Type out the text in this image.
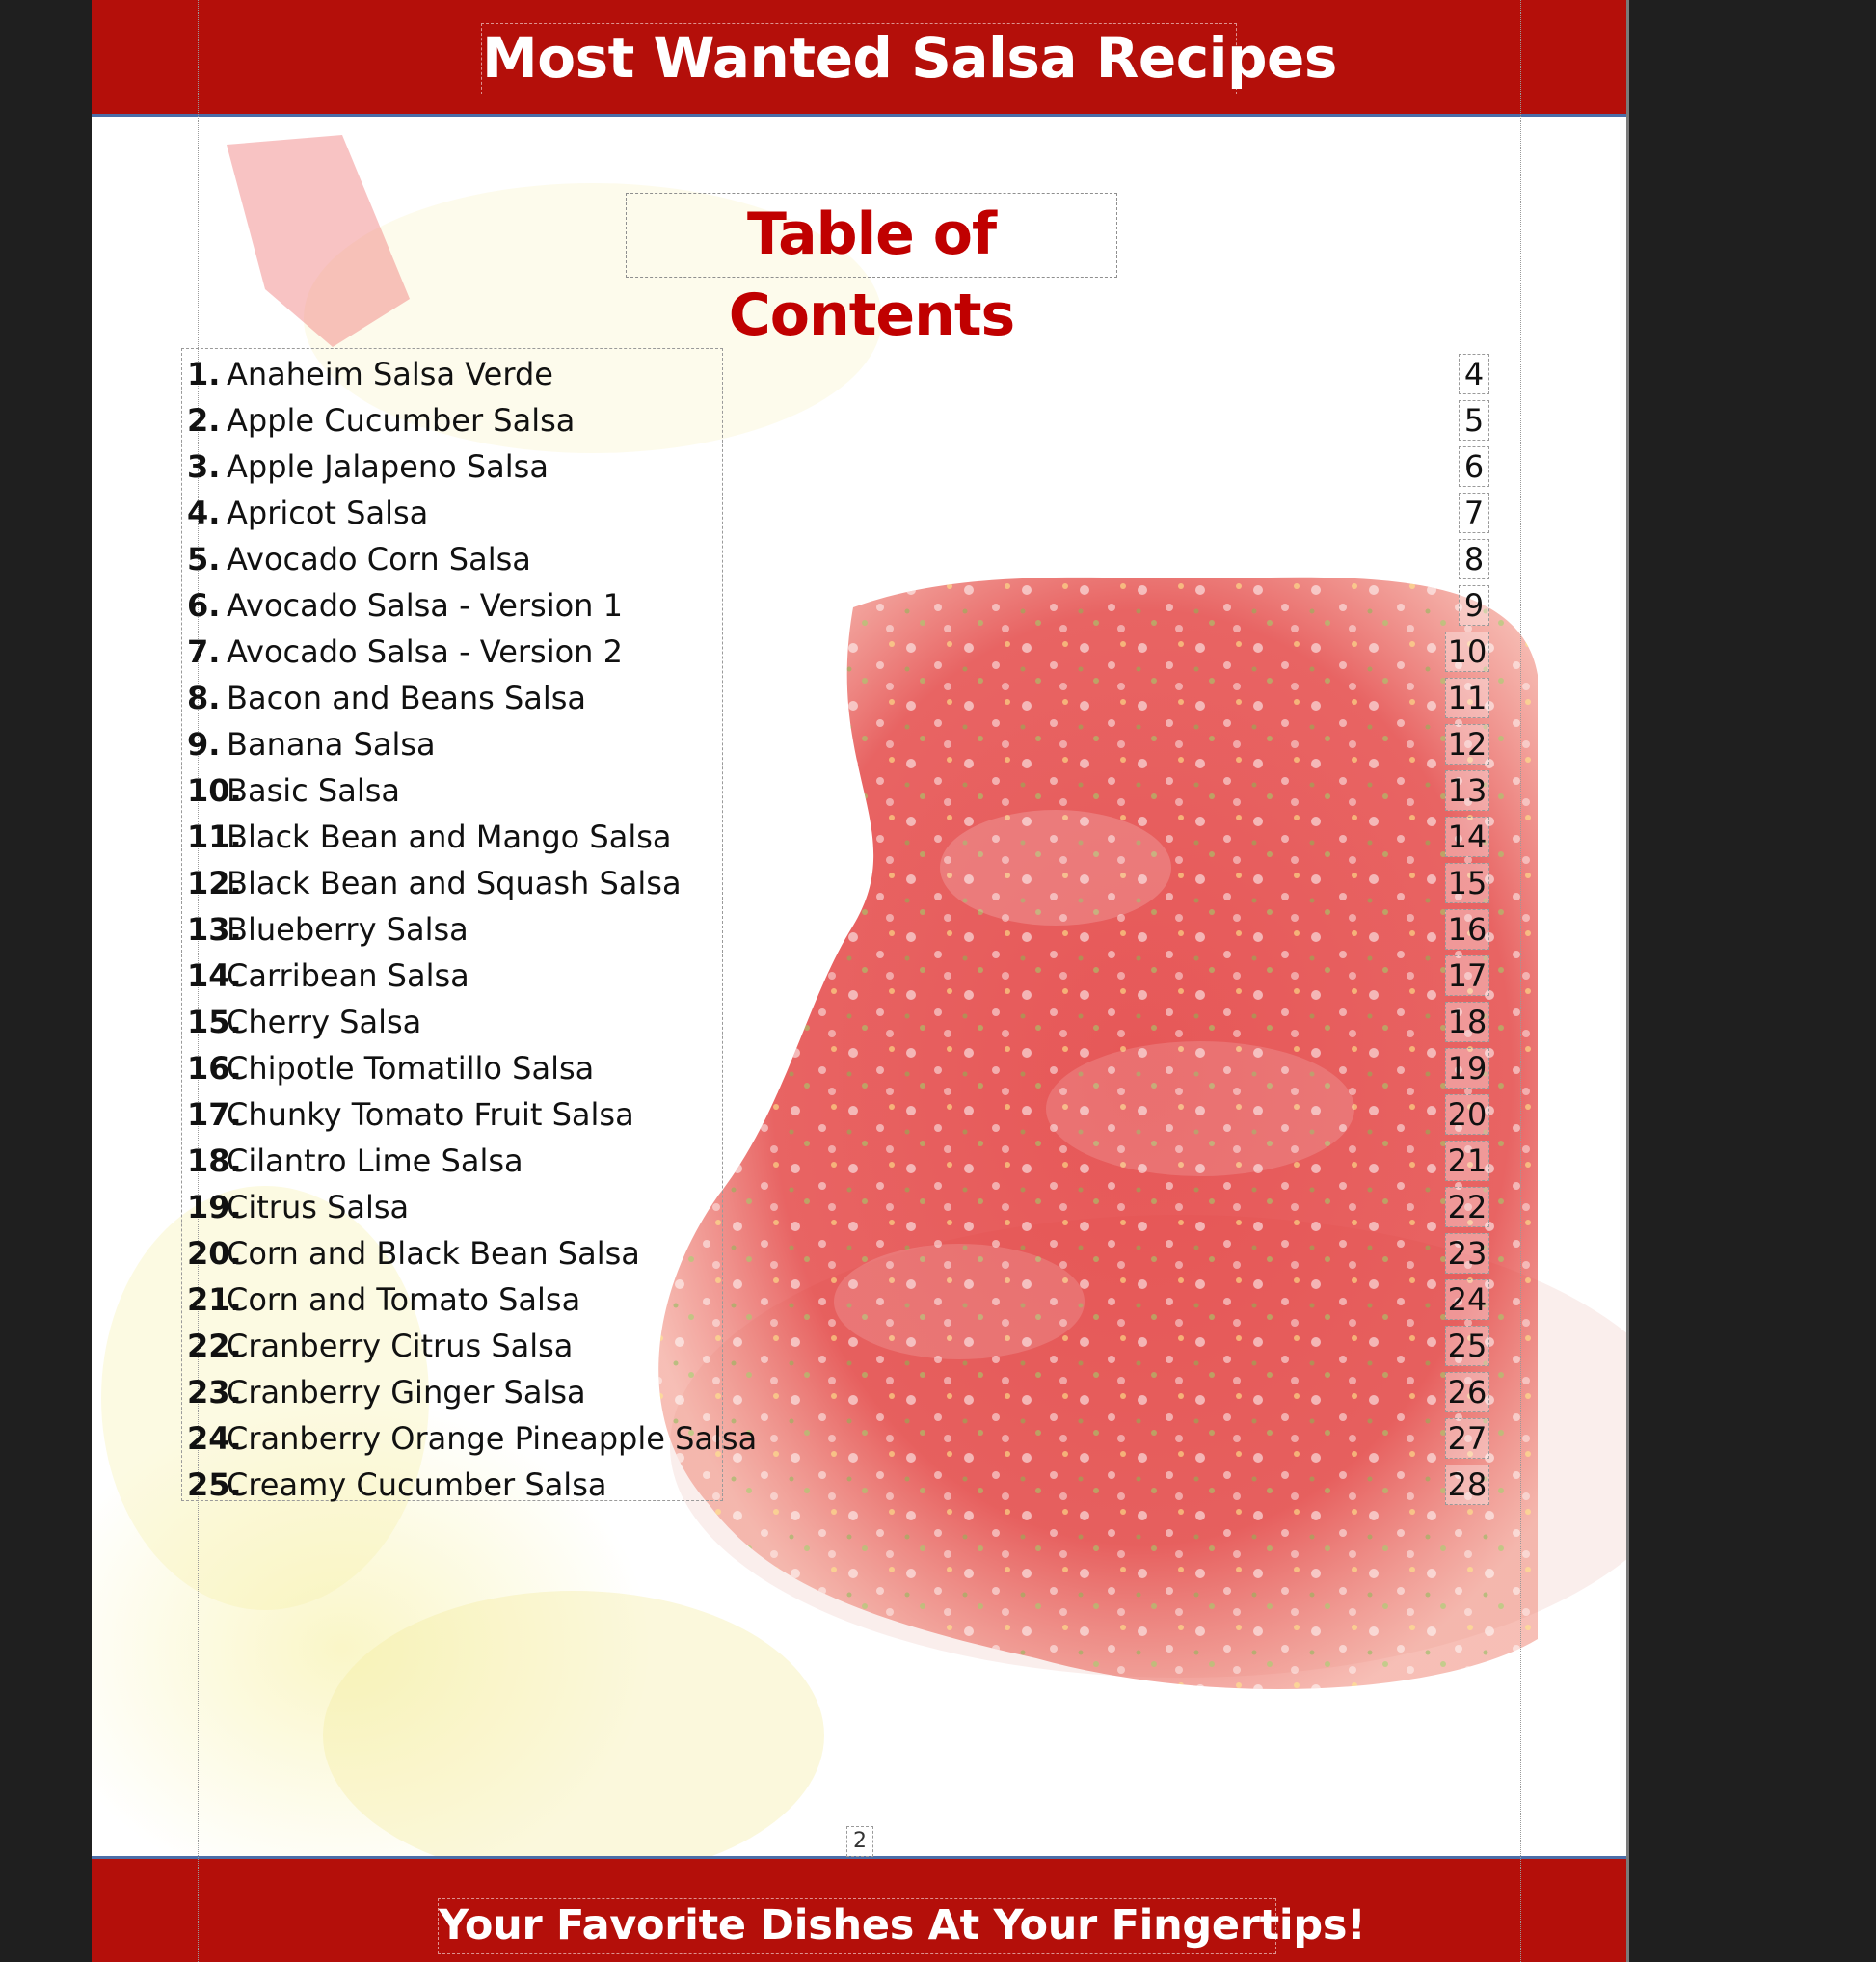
Most Wanted Salsa Recipes
Table of Contents
1. Anaheim Salsa Verde
2. Apple Cucumber Salsa
3. Apple Jalapeno Salsa
4. Apricot Salsa
5. Avocado Corn Salsa
6. Avocado Salsa - Version 1
7. Avocado Salsa - Version 2
8. Bacon and Beans Salsa
9. Banana Salsa
10.
Basic Salsa
11.
Black Bean and Mango Salsa
12.
Black Bean and Squash Salsa
13.
Blueberry Salsa
14.
Carribean Salsa
15.
Cherry Salsa
16.
Chipotle Tomatillo Salsa
17.
Chunky Tomato Fruit Salsa
18.
Cilantro Lime Salsa
19.
Citrus Salsa
20.
Corn and Black Bean Salsa
21.
Corn and Tomato Salsa
22.
Cranberry Citrus Salsa
23.
Cranberry Ginger Salsa
24.
Cranberry Orange Pineapple Salsa
25.
Creamy Cucumber Salsa
4
5
6
7
8
9
10
11
12
13
14
15
16
17
18
19
20
21
22
23
24
25
26
27
28
2
Your Favorite Dishes At Your Fingertips!
